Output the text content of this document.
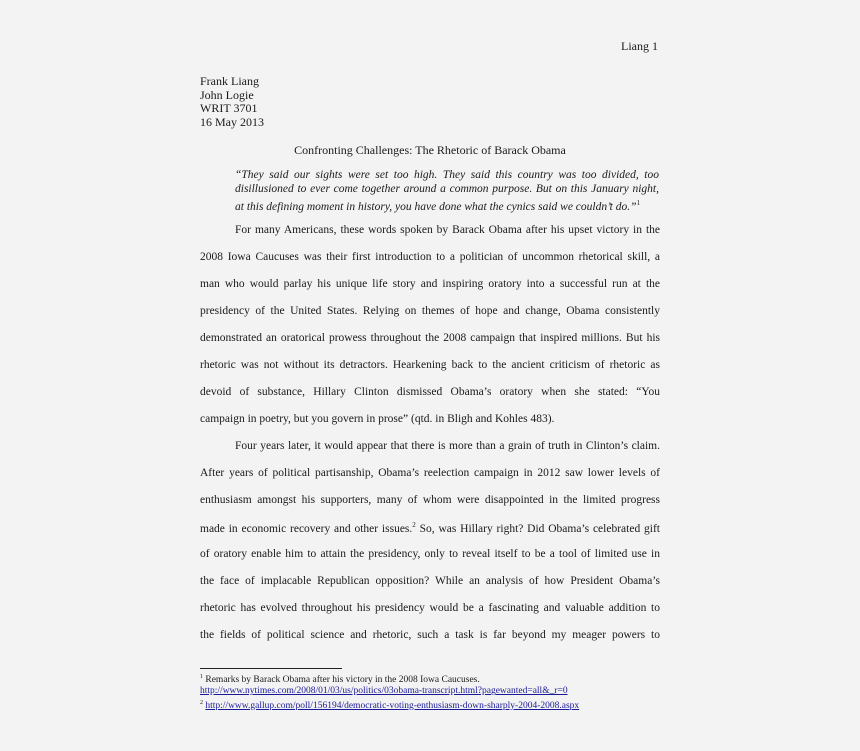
Liang 1
Frank Liang
John Logie
WRIT 3701
16 May 2013
Confronting Challenges: The Rhetoric of Barack Obama
“They said our sights were set too high. They said this country was too divided, too disillusioned to ever come together around a common purpose. But on this January night, at this defining moment in history, you have done what the cynics said we couldn’t do.”$^1$
For many Americans, these words spoken by Barack Obama after his upset victory in the
2008 Iowa Caucuses was their first introduction to a politician of uncommon rhetorical skill, a
man who would parlay his unique life story and inspiring oratory into a successful run at the
presidency of the United States. Relying on themes of hope and change, Obama consistently
demonstrated an oratorical prowess throughout the 2008 campaign that inspired millions. But his
rhetoric was not without its detractors. Hearkening back to the ancient criticism of rhetoric as
devoid of substance, Hillary Clinton dismissed Obama’s oratory when she stated: “You
campaign in poetry, but you govern in prose” (qtd. in Bligh and Kohles 483).
Four years later, it would appear that there is more than a grain of truth in Clinton’s claim.
After years of political partisanship, Obama’s reelection campaign in 2012 saw lower levels of
enthusiasm amongst his supporters, many of whom were disappointed in the limited progress
made in economic recovery and other issues.$^2$ So, was Hillary right? Did Obama’s celebrated gift
of oratory enable him to attain the presidency, only to reveal itself to be a tool of limited use in
the face of implacable Republican opposition? While an analysis of how President Obama’s
rhetoric has evolved throughout his presidency would be a fascinating and valuable addition to
the fields of political science and rhetoric, such a task is far beyond my meager powers to
$^1$ Remarks by Barack Obama after his victory in the 2008 Iowa Caucuses.
http://www.nytimes.com/2008/01/03/us/politics/03obama-transcript.html?pagewanted=all&_r=0
$^2$ http://www.gallup.com/poll/156194/democratic-voting-enthusiasm-down-sharply-2004-2008.aspx
